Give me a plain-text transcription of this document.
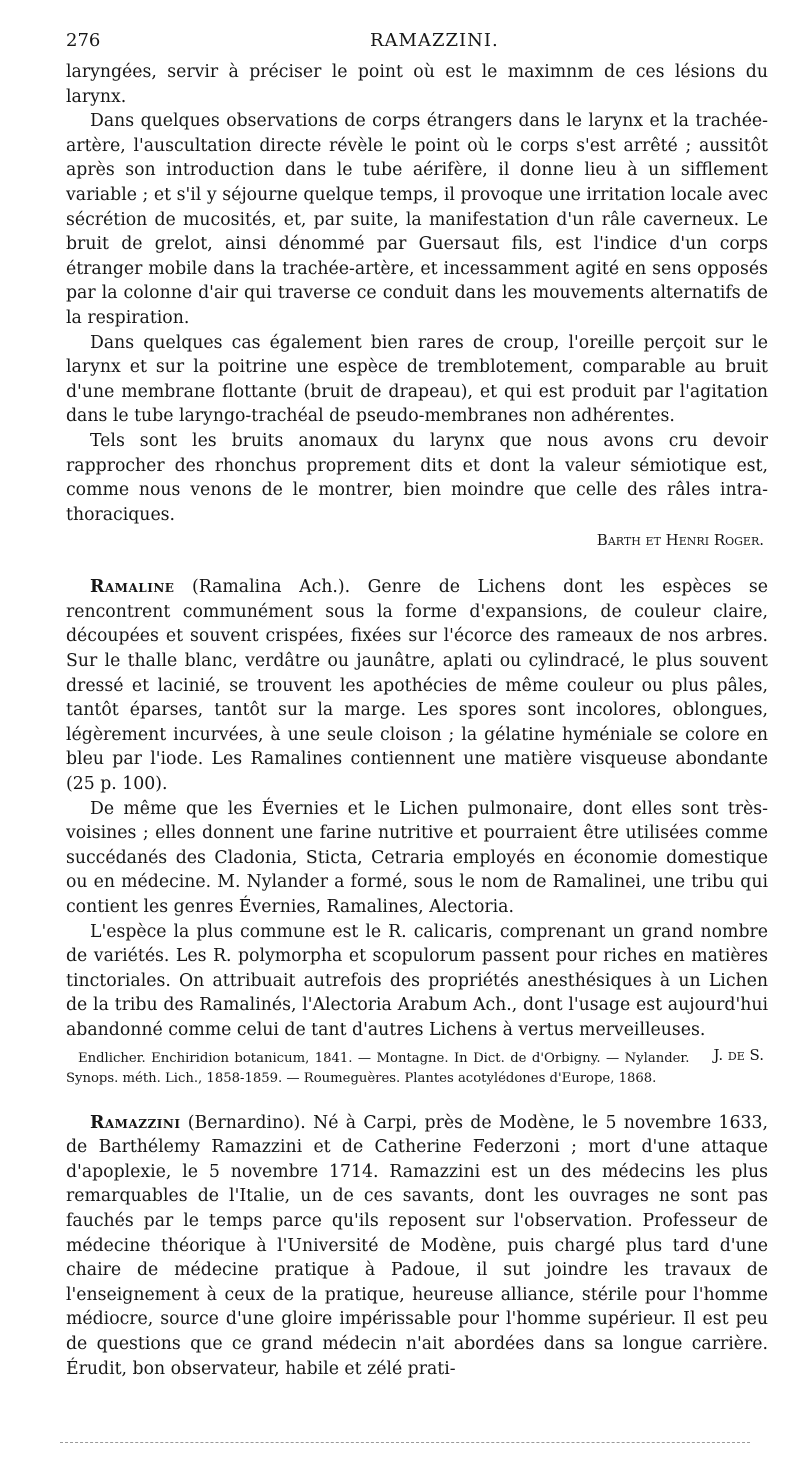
276	RAMAZZINI.

laryngées, servir à préciser le point où est le maximnm de ces lésions du larynx.

Dans quelques observations de corps étrangers dans le larynx et la trachée-artère, l'auscultation directe révèle le point où le corps s'est arrêté ; aussitôt après son introduction dans le tube aérifère, il donne lieu à un sifflement variable ; et s'il y séjourne quelque temps, il provoque une irritation locale avec sécrétion de mucosités, et, par suite, la manifestation d'un râle caverneux. Le bruit de grelot, ainsi dénommé par Guersaut fils, est l'indice d'un corps étranger mobile dans la trachée-artère, et incessamment agité en sens opposés par la colonne d'air qui traverse ce conduit dans les mouvements alternatifs de la respiration.

Dans quelques cas également bien rares de croup, l'oreille perçoit sur le larynx et sur la poitrine une espèce de tremblotement, comparable au bruit d'une membrane flottante (bruit de drapeau), et qui est produit par l'agitation dans le tube laryngo-trachéal de pseudo-membranes non adhérentes.

Tels sont les bruits anomaux du larynx que nous avons cru devoir rapprocher des rhonchus proprement dits et dont la valeur sémiotique est, comme nous venons de le montrer, bien moindre que celle des râles intra-thoraciques.

Barth et Henri Roger.

Ramaline (Ramalina Ach.). Genre de Lichens dont les espèces se rencontrent communément sous la forme d'expansions, de couleur claire, découpées et souvent crispées, fixées sur l'écorce des rameaux de nos arbres. Sur le thalle blanc, verdâtre ou jaunâtre, aplati ou cylindracé, le plus souvent dressé et lacinié, se trouvent les apothécies de même couleur ou plus pâles, tantôt éparses, tantôt sur la marge. Les spores sont incolores, oblongues, légèrement incurvées, à une seule cloison ; la gélatine hyméniale se colore en bleu par l'iode. Les Ramalines contiennent une matière visqueuse abondante (25 p. 100).

De même que les Évernies et le Lichen pulmonaire, dont elles sont très-voisines ; elles donnent une farine nutritive et pourraient être utilisées comme succédanés des Cladonia, Sticta, Cetraria employés en économie domestique ou en médecine. M. Nylander a formé, sous le nom de Ramalinei, une tribu qui contient les genres Évernies, Ramalines, Alectoria.

L'espèce la plus commune est le R. calicaris, comprenant un grand nombre de variétés. Les R. polymorpha et scopulorum passent pour riches en matières tinctoriales. On attribuait autrefois des propriétés anesthésiques à un Lichen de la tribu des Ramalinés, l'Alectoria Arabum Ach., dont l'usage est aujourd'hui abandonné comme celui de tant d'autres Lichens à vertus merveilleuses.
J. de S.

Endlicher. Enchiridion botanicum, 1841. — Montagne. In Dict. de d'Orbigny. — Nylander. Synops. méth. Lich., 1858-1859. — Roumeguères. Plantes acotylédones d'Europe, 1868.

Ramazzini (Bernardino). Né à Carpi, près de Modène, le 5 novembre 1633, de Barthélemy Ramazzini et de Catherine Federzoni ; mort d'une attaque d'apoplexie, le 5 novembre 1714. Ramazzini est un des médecins les plus remarquables de l'Italie, un de ces savants, dont les ouvrages ne sont pas fauchés par le temps parce qu'ils reposent sur l'observation. Professeur de médecine théorique à l'Université de Modène, puis chargé plus tard d'une chaire de médecine pratique à Padoue, il sut joindre les travaux de l'enseignement à ceux de la pratique, heureuse alliance, stérile pour l'homme médiocre, source d'une gloire impérissable pour l'homme supérieur. Il est peu de questions que ce grand médecin n'ait abordées dans sa longue carrière. Érudit, bon observateur, habile et zélé prati-
